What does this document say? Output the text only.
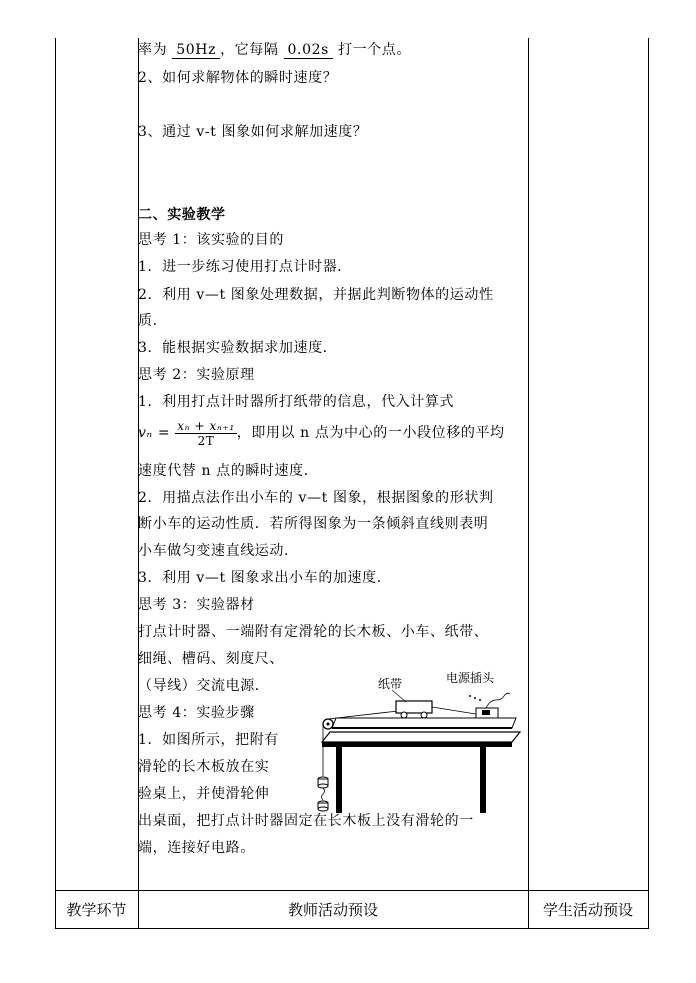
率为 50Hz ，它每隔 0.02s 打一个点。
2、如何求解物体的瞬时速度？
3、通过 v-t 图象如何求解加速度？
二、实验教学
思考 1：该实验的目的
1．进一步练习使用打点计时器．
2．利用 v—t 图象处理数据，并据此判断物体的运动性
质．
3．能根据实验数据求加速度．
思考 2：实验原理
1．利用打点计时器所打纸带的信息，代入计算式
$v_n = \frac{\text{xₙ + xₙ₊₁}}{2T}$ ，即用以 n 点为中心的一小段位移的平均
速度代替 n 点的瞬时速度．
2．用描点法作出小车的 v—t 图象，根据图象的形状判
断小车的运动性质．若所得图象为一条倾斜直线则表明
小车做匀变速直线运动．
3．利用 v—t 图象求出小车的加速度．
思考 3：实验器材
打点计时器、一端附有定滑轮的长木板、小车、纸带、
细绳、槽码、刻度尺、
（导线）交流电源．
思考 4：实验步骤
1．如图所示，把附有
滑轮的长木板放在实
验桌上，并使滑轮伸
出桌面，把打点计时器固定在长木板上没有滑轮的一
端，连接好电路。
纸带	电源插头
教学环节	教师活动预设	学生活动预设
